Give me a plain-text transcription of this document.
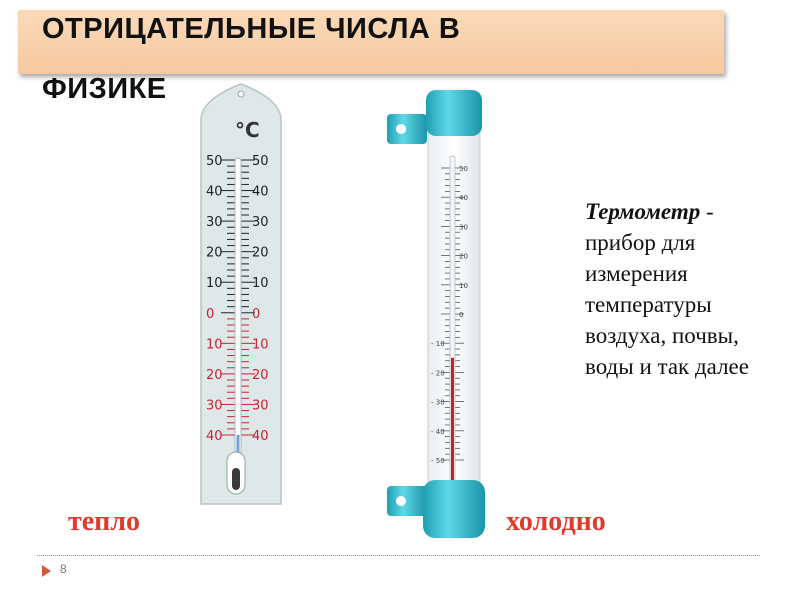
ОТРИЦАТЕЛЬНЫЕ ЧИСЛА В
ФИЗИКЕ
°C
50 50
40 40
30 30
20 20
10 10
0	0
10 10
20 20
30 30
40 40
50
40
30
20
10
0
- 10
- 20
- 30
- 40
- 50
Термометр - прибор для измерения температуры воздуха, почвы, воды и так далее
тепло	холодно
8
